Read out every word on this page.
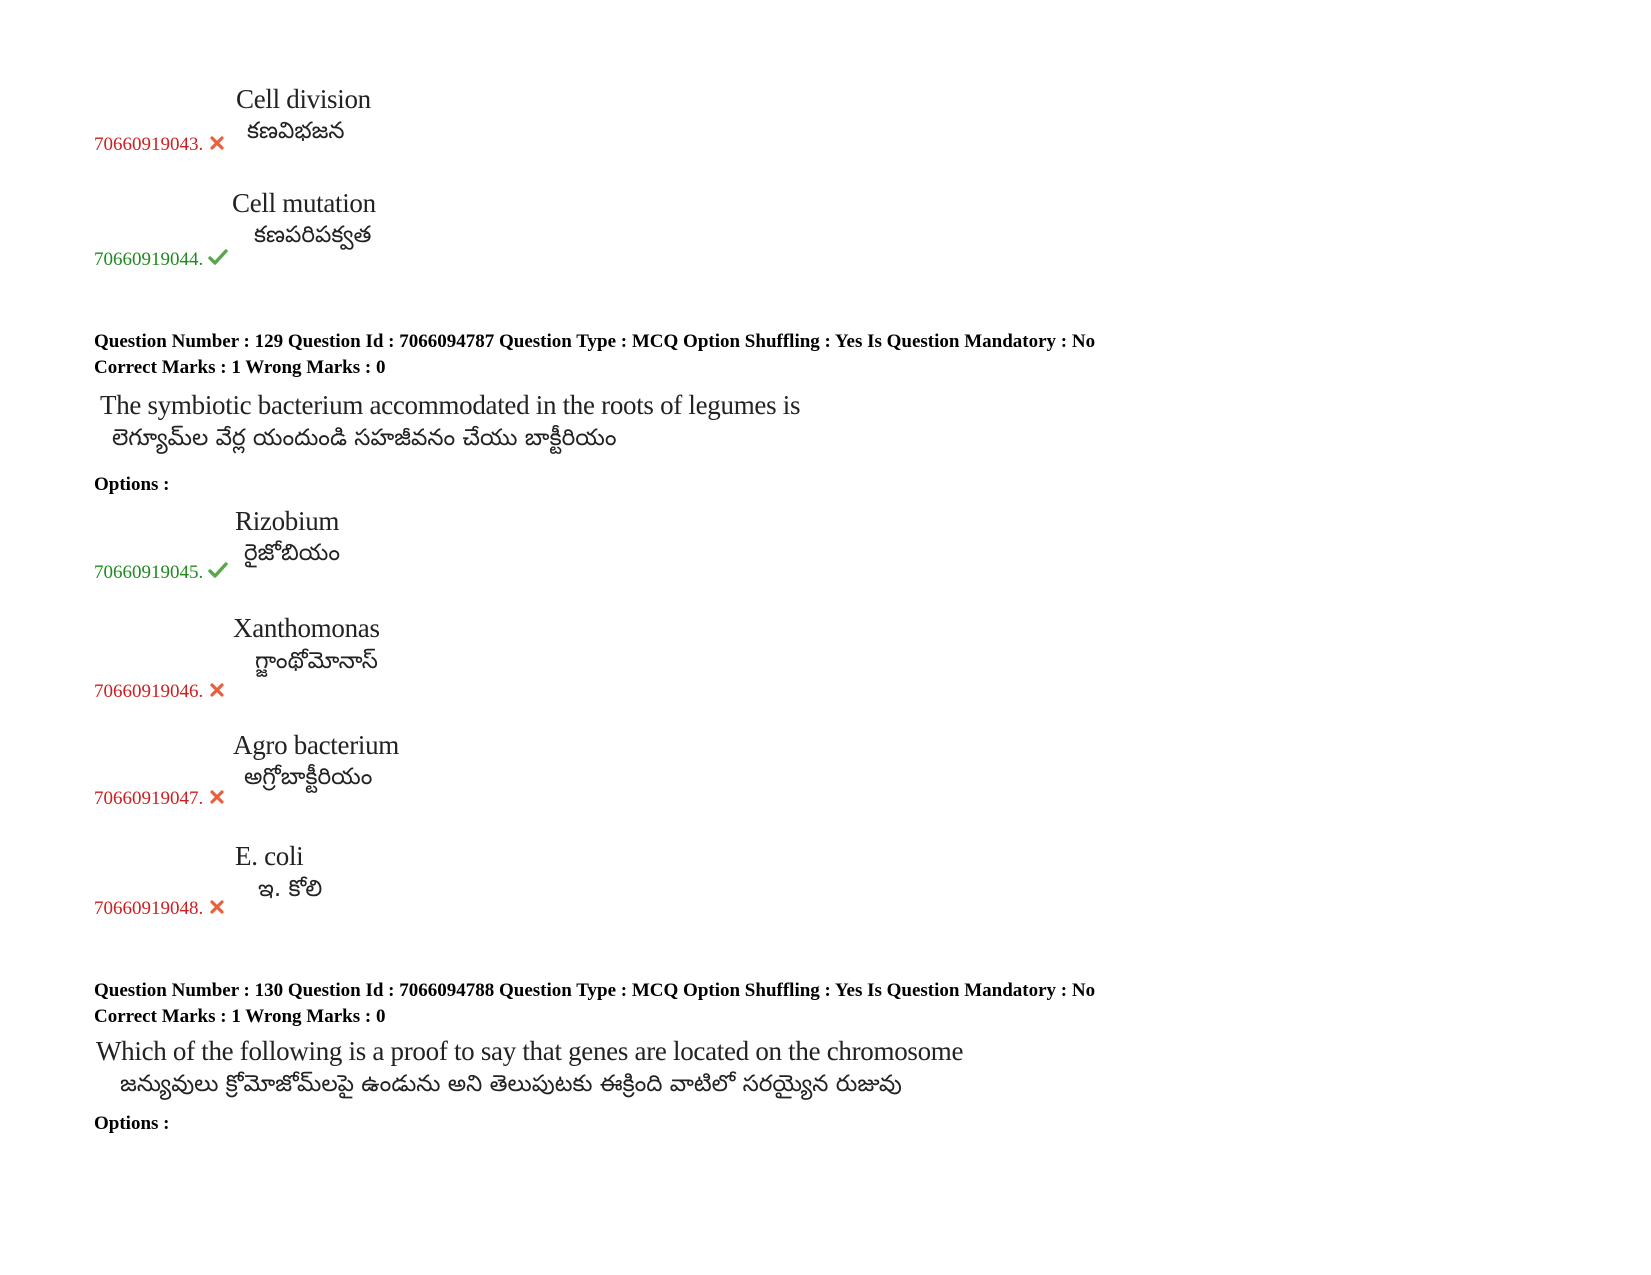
Cell division
కణవిభజన
70660919043.
Cell mutation
కణపరిపక్వత
70660919044.
Question Number : 129 Question Id : 7066094787 Question Type : MCQ Option Shuffling : Yes Is Question Mandatory : No
Correct Marks : 1 Wrong Marks : 0
The symbiotic bacterium accommodated in the roots of legumes is
లెగ్యూమ్‌ల వేర్ల యందుండి సహజీవనం చేయు బాక్టీరియం
Options :
Rizobium
రైజోబియం
70660919045.
Xanthomonas
గ్జాంథోమోనాస్
70660919046.
Agro bacterium
అగ్రోబాక్టీరియం
70660919047.
E. coli
ఇ. కోలి
70660919048.
Question Number : 130 Question Id : 7066094788 Question Type : MCQ Option Shuffling : Yes Is Question Mandatory : No
Correct Marks : 1 Wrong Marks : 0
Which of the following is a proof to say that genes are located on the chromosome
జన్యువులు క్రోమోజోమ్‌లపై ఉండును అని తెలుపుటకు ఈక్రింది వాటిలో సరయ్యైన రుజువు
Options :
